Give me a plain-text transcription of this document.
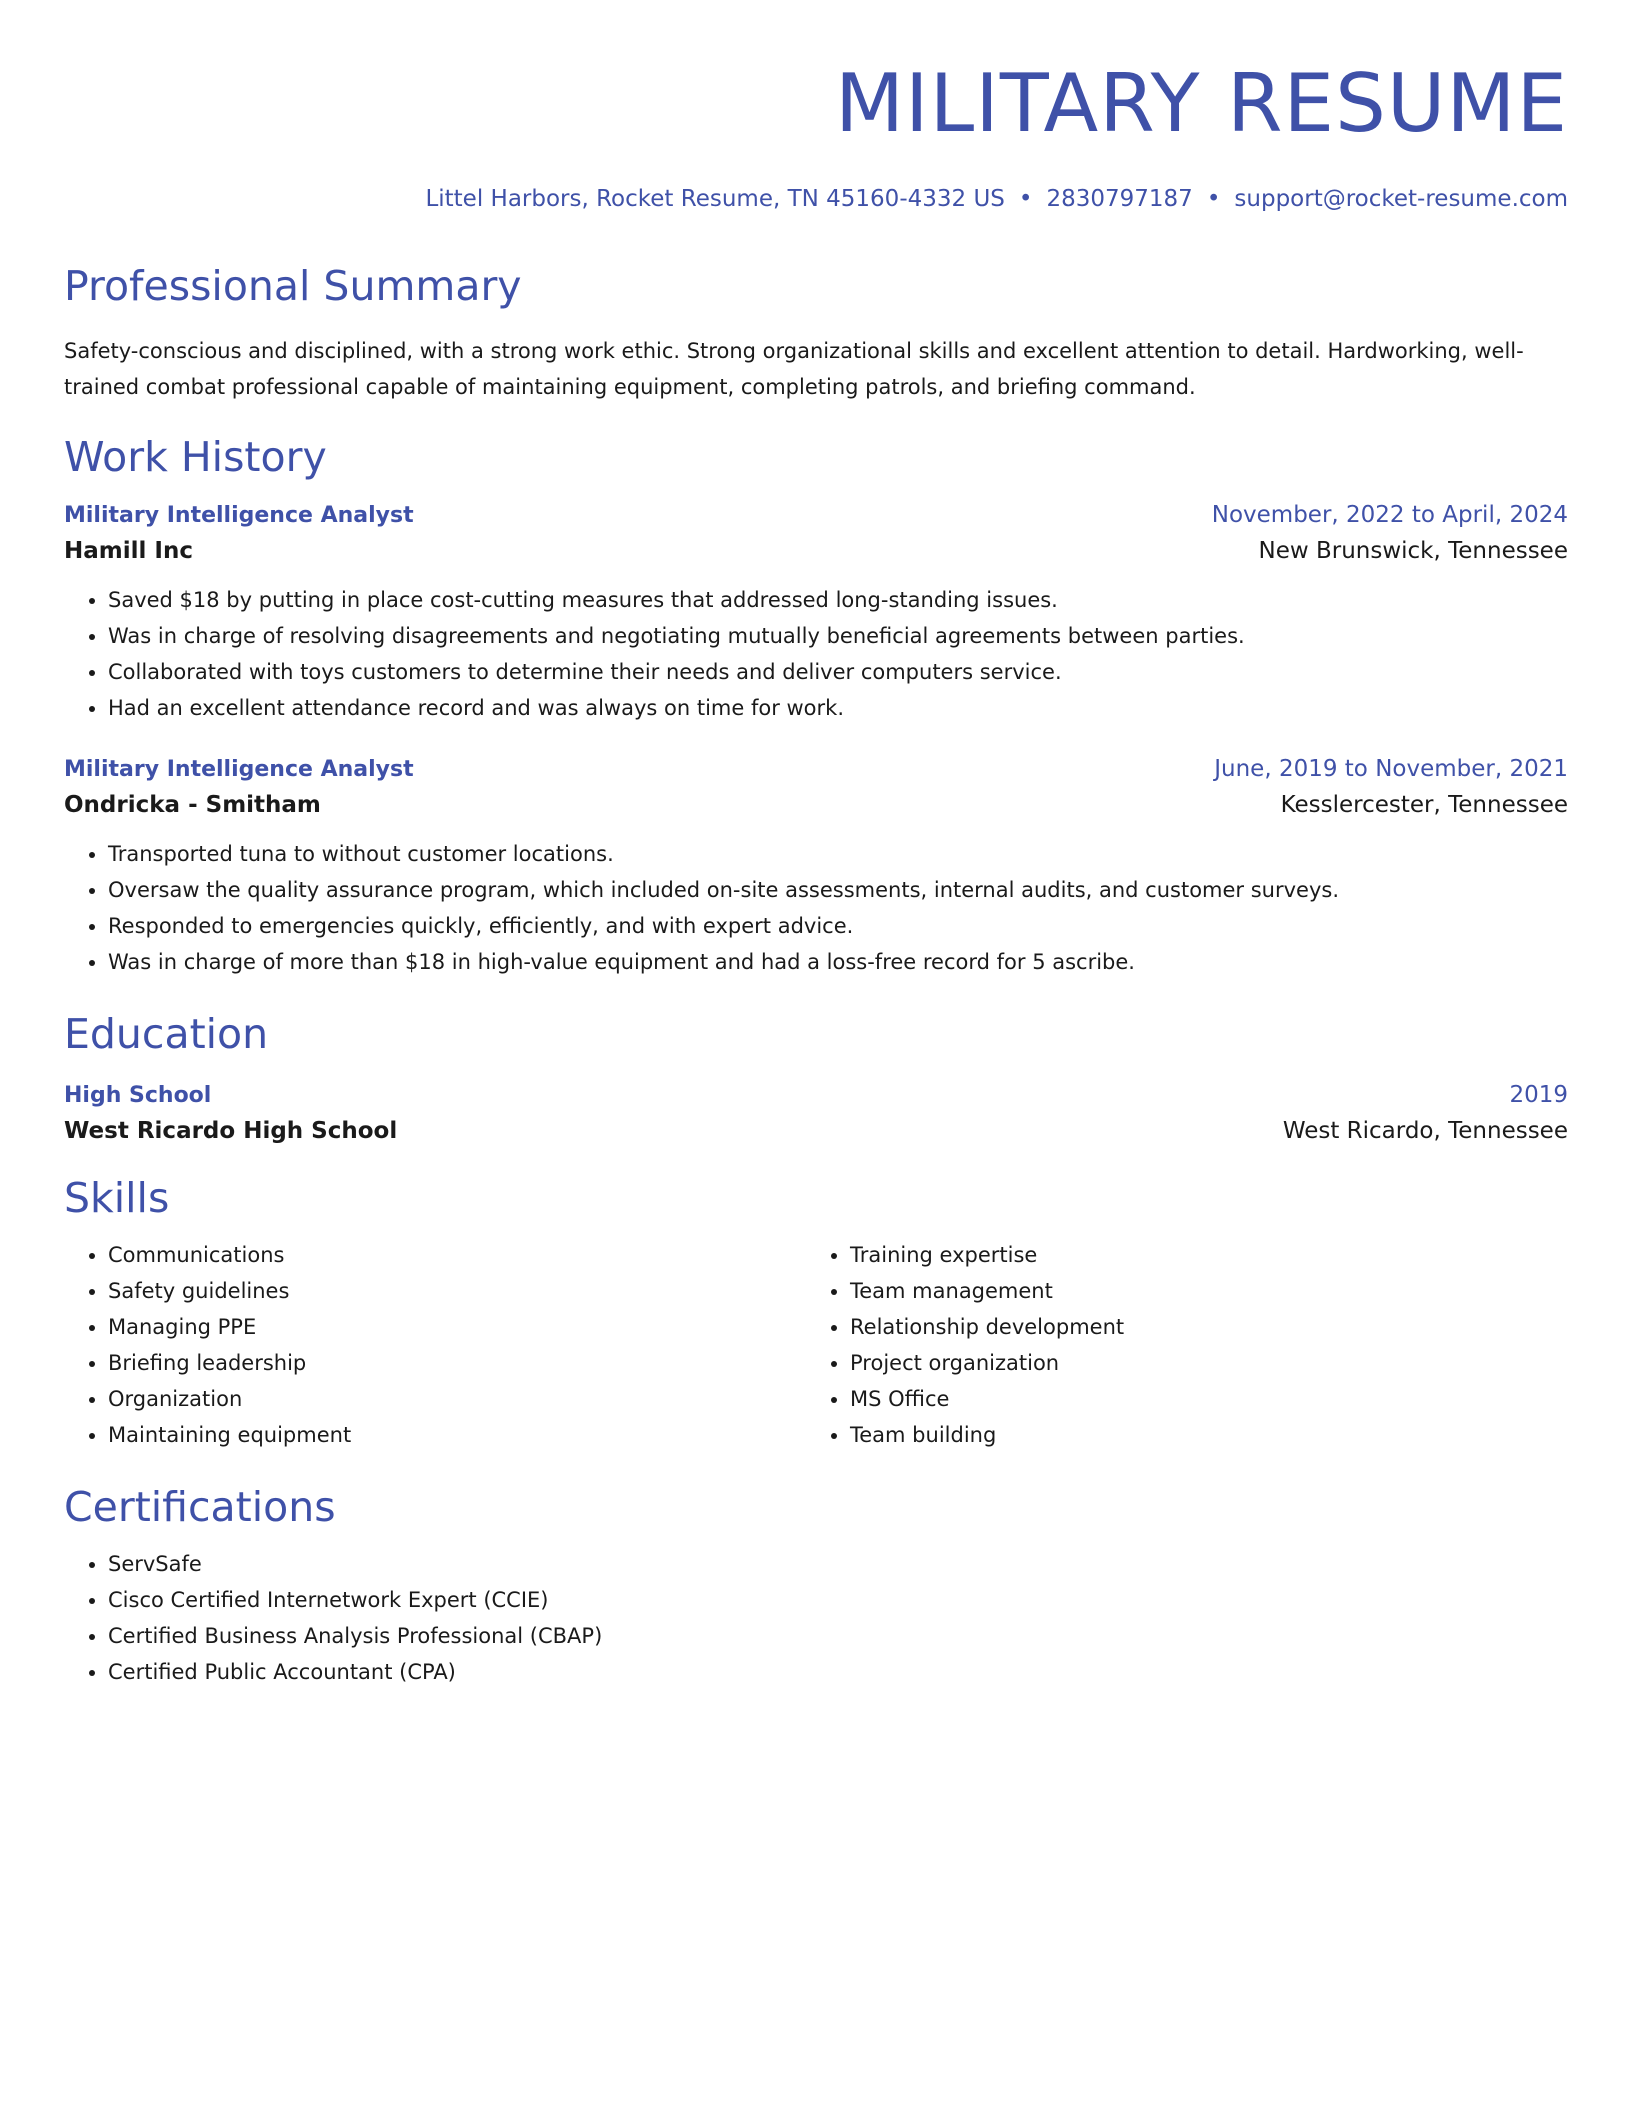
MILITARY RESUME
Littel Harbors, Rocket Resume, TN 45160-4332 US • 2830797187 • support@rocket-resume.com
Professional Summary

Safety-conscious and disciplined, with a strong work ethic. Strong organizational skills and excellent attention to detail. Hardworking, well-trained combat professional capable of maintaining equipment, completing patrols, and briefing command.

Work History
Military Intelligence Analyst	November, 2022 to April, 2024
Hamill Inc	New Brunswick, Tennessee
• Saved $18 by putting in place cost-cutting measures that addressed long-standing issues.
• Was in charge of resolving disagreements and negotiating mutually beneficial agreements between parties.
• Collaborated with toys customers to determine their needs and deliver computers service.
• Had an excellent attendance record and was always on time for work.
Military Intelligence Analyst	June, 2019 to November, 2021
Ondricka - Smitham	Kesslercester, Tennessee
• Transported tuna to without customer locations.
• Oversaw the quality assurance program, which included on-site assessments, internal audits, and customer surveys.
• Responded to emergencies quickly, efficiently, and with expert advice.
• Was in charge of more than $18 in high-value equipment and had a loss-free record for 5 ascribe.
Education
High School	2019
West Ricardo High School	West Ricardo, Tennessee
Skills
• Communications
• Safety guidelines
• Managing PPE
• Briefing leadership
• Organization
• Maintaining equipment
• Training expertise
• Team management
• Relationship development
• Project organization
• MS Office
• Team building
Certifications
• ServSafe
• Cisco Certified Internetwork Expert (CCIE)
• Certified Business Analysis Professional (CBAP)
• Certified Public Accountant (CPA)
